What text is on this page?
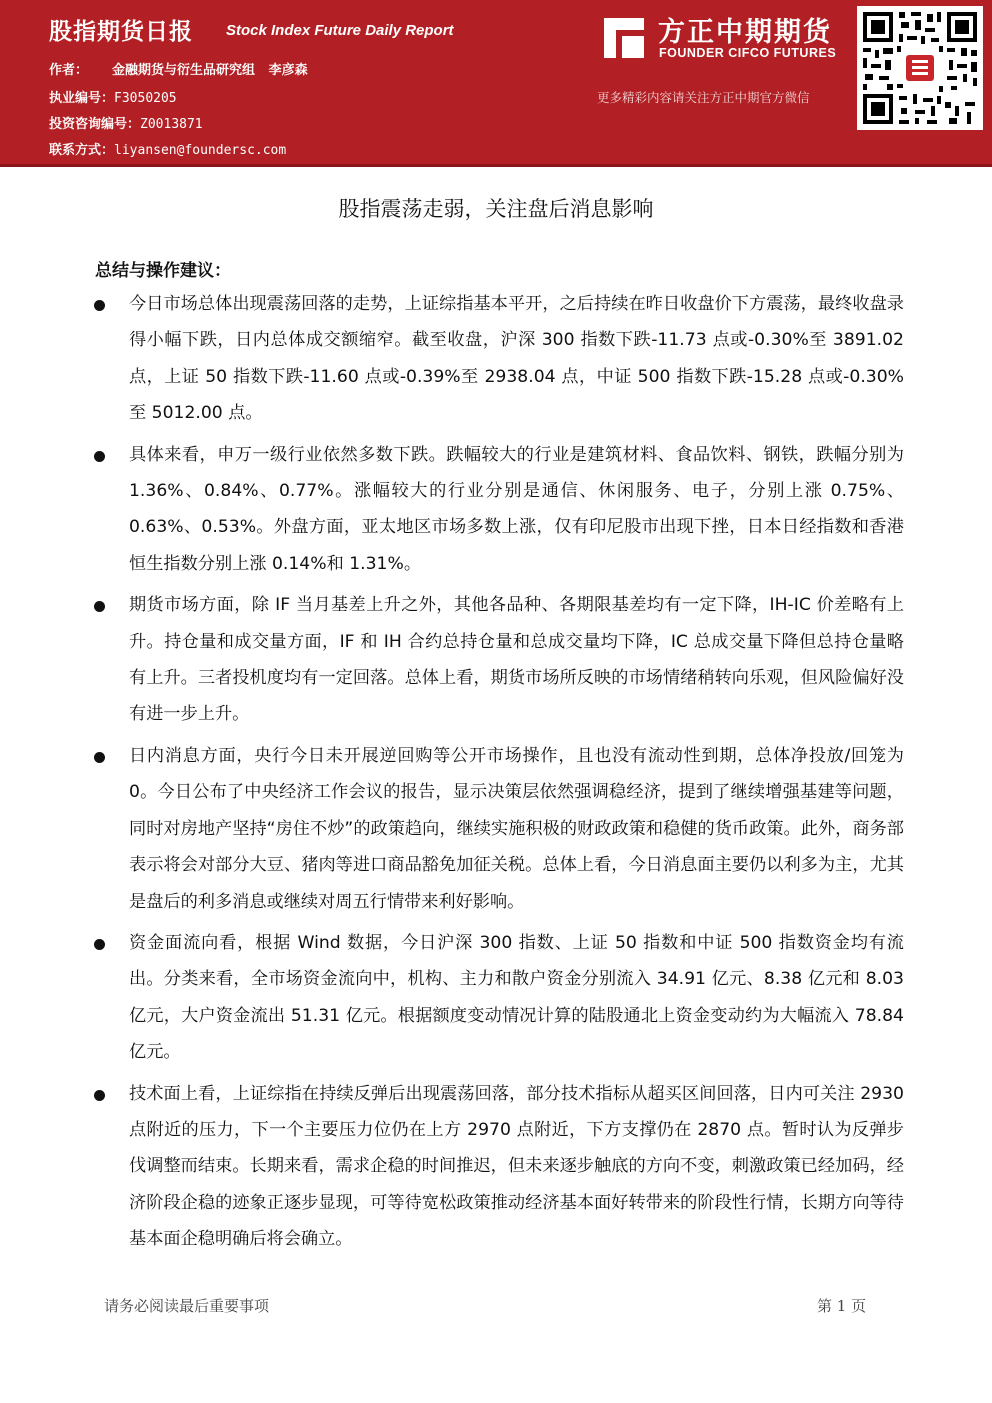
股指期货日报 Stock Index Future Daily Report
作者： 金融期货与衍生品研究组 李彦森
执业编号：F3050205
投资咨询编号：Z0013871
联系方式：liyansen@foundersc.com
方正中期期货
FOUNDER CIFCO FUTURES
更多精彩内容请关注方正中期官方微信
股指震荡走弱，关注盘后消息影响
总结与操作建议：
今日市场总体出现震荡回落的走势，上证综指基本平开，之后持续在昨日收盘价下方震荡，最终收盘录得小幅下跌，日内总体成交额缩窄。截至收盘，沪深 300 指数下跌-11.73 点或-0.30%至 3891.02 点，上证 50 指数下跌-11.60 点或-0.39%至 2938.04 点，中证 500 指数下跌-15.28 点或-0.30%至 5012.00 点。
具体来看，申万一级行业依然多数下跌。跌幅较大的行业是建筑材料、食品饮料、钢铁，跌幅分别为 1.36%、0.84%、0.77%。涨幅较大的行业分别是通信、休闲服务、电子，分别上涨 0.75%、0.63%、0.53%。外盘方面，亚太地区市场多数上涨，仅有印尼股市出现下挫，日本日经指数和香港恒生指数分别上涨 0.14%和 1.31%。
期货市场方面，除 IF 当月基差上升之外，其他各品种、各期限基差均有一定下降，IH-IC 价差略有上升。持仓量和成交量方面，IF 和 IH 合约总持仓量和总成交量均下降，IC 总成交量下降但总持仓量略有上升。三者投机度均有一定回落。总体上看，期货市场所反映的市场情绪稍转向乐观，但风险偏好没有进一步上升。
日内消息方面，央行今日未开展逆回购等公开市场操作，且也没有流动性到期，总体净投放/回笼为 0。今日公布了中央经济工作会议的报告，显示决策层依然强调稳经济，提到了继续增强基建等问题，同时对房地产坚持“房住不炒”的政策趋向，继续实施积极的财政政策和稳健的货币政策。此外，商务部表示将会对部分大豆、猪肉等进口商品豁免加征关税。总体上看，今日消息面主要仍以利多为主，尤其是盘后的利多消息或继续对周五行情带来利好影响。
资金面流向看，根据 Wind 数据，今日沪深 300 指数、上证 50 指数和中证 500 指数资金均有流出。分类来看，全市场资金流向中，机构、主力和散户资金分别流入 34.91 亿元、8.38 亿元和 8.03 亿元，大户资金流出 51.31 亿元。根据额度变动情况计算的陆股通北上资金变动约为大幅流入 78.84 亿元。
技术面上看，上证综指在持续反弹后出现震荡回落，部分技术指标从超买区间回落，日内可关注 2930 点附近的压力，下一个主要压力位仍在上方 2970 点附近，下方支撑仍在 2870 点。暂时认为反弹步伐调整而结束。长期来看，需求企稳的时间推迟，但未来逐步触底的方向不变，刺激政策已经加码，经济阶段企稳的迹象正逐步显现，可等待宽松政策推动经济基本面好转带来的阶段性行情，长期方向等待基本面企稳明确后将会确立。
请务必阅读最后重要事项	第 1 页
